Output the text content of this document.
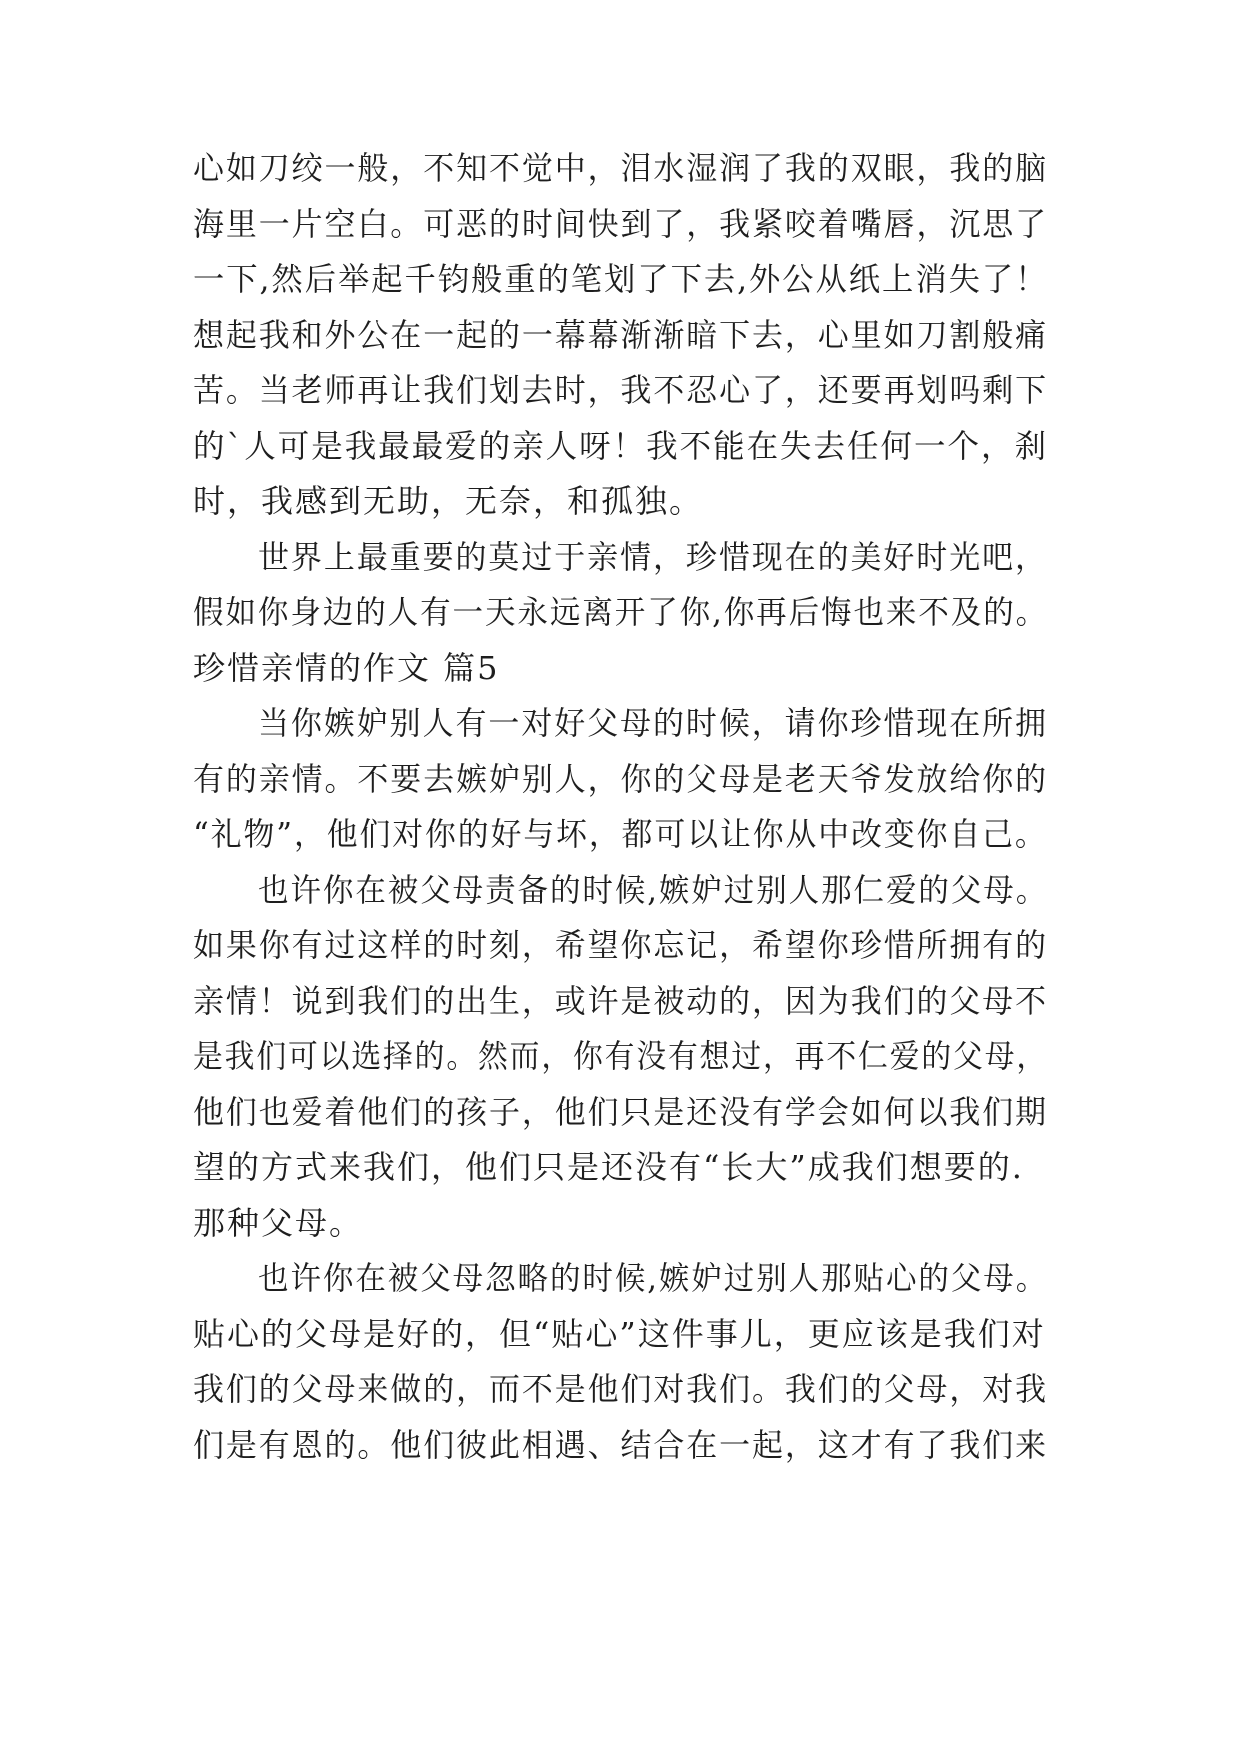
心如刀绞一般，不知不觉中，泪水湿润了我的双眼，我的脑

海里一片空白。可恶的时间快到了，我紧咬着嘴唇，沉思了

一下,然后举起千钧般重的笔划了下去,外公从纸上消失了！

想起我和外公在一起的一幕幕渐渐暗下去，心里如刀割般痛

苦。当老师再让我们划去时，我不忍心了，还要再划吗剩下

的`人可是我最最爱的亲人呀！我不能在失去任何一个，刹

时，我感到无助，无奈，和孤独。

世界上最重要的莫过于亲情，珍惜现在的美好时光吧，

假如你身边的人有一天永远离开了你,你再后悔也来不及的。

珍惜亲情的作文 篇5

当你嫉妒别人有一对好父母的时候，请你珍惜现在所拥

有的亲情。不要去嫉妒别人，你的父母是老天爷发放给你的

“礼物”，他们对你的好与坏，都可以让你从中改变你自己。

也许你在被父母责备的时候,嫉妒过别人那仁爱的父母。

如果你有过这样的时刻，希望你忘记，希望你珍惜所拥有的

亲情！说到我们的出生，或许是被动的，因为我们的父母不

是我们可以选择的。然而，你有没有想过，再不仁爱的父母，

他们也爱着他们的孩子，他们只是还没有学会如何以我们期

望的方式来我们，他们只是还没有“长大”成我们想要的.

那种父母。

也许你在被父母忽略的时候,嫉妒过别人那贴心的父母。

贴心的父母是好的，但“贴心”这件事儿，更应该是我们对

我们的父母来做的，而不是他们对我们。我们的父母，对我

们是有恩的。他们彼此相遇、结合在一起，这才有了我们来
